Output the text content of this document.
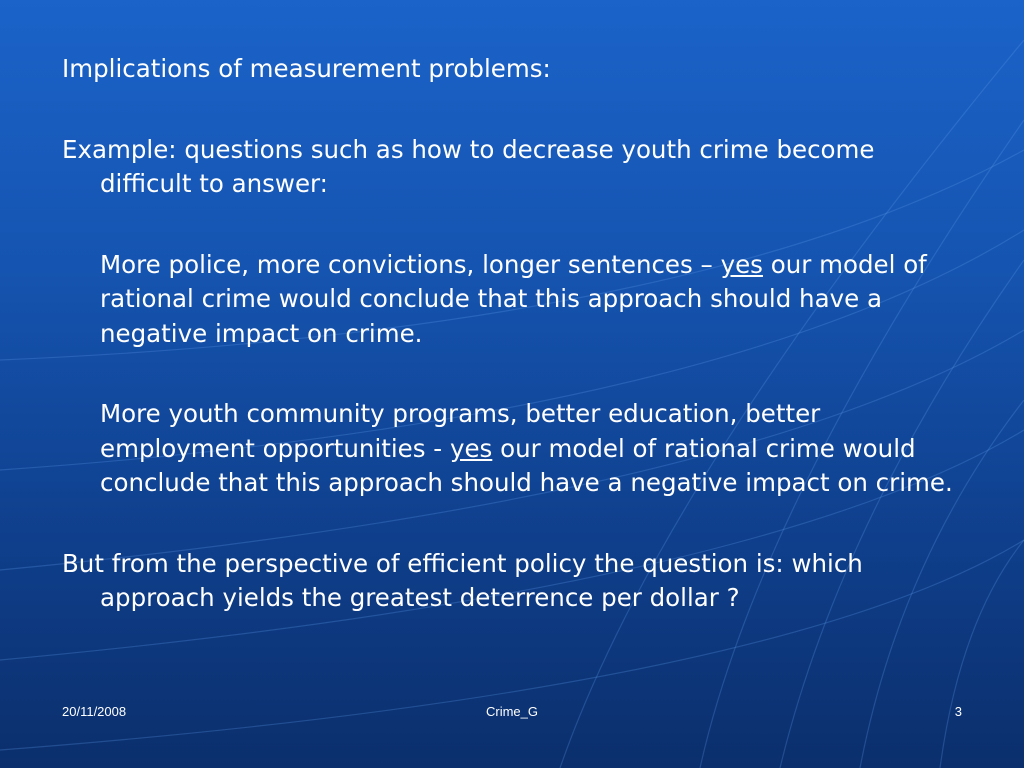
Implications of measurement problems:

Example: questions such as how to decrease youth crime become difficult to answer:

More police, more convictions, longer sentences – yes our model of rational crime would conclude that this approach should have a negative impact on crime.

More youth community programs, better education, better employment opportunities - yes our model of rational crime would conclude that this approach should have a negative impact on crime.

But from the perspective of efficient policy the question is: which approach yields the greatest deterrence per dollar ?

20/11/2008	Crime_G	3
